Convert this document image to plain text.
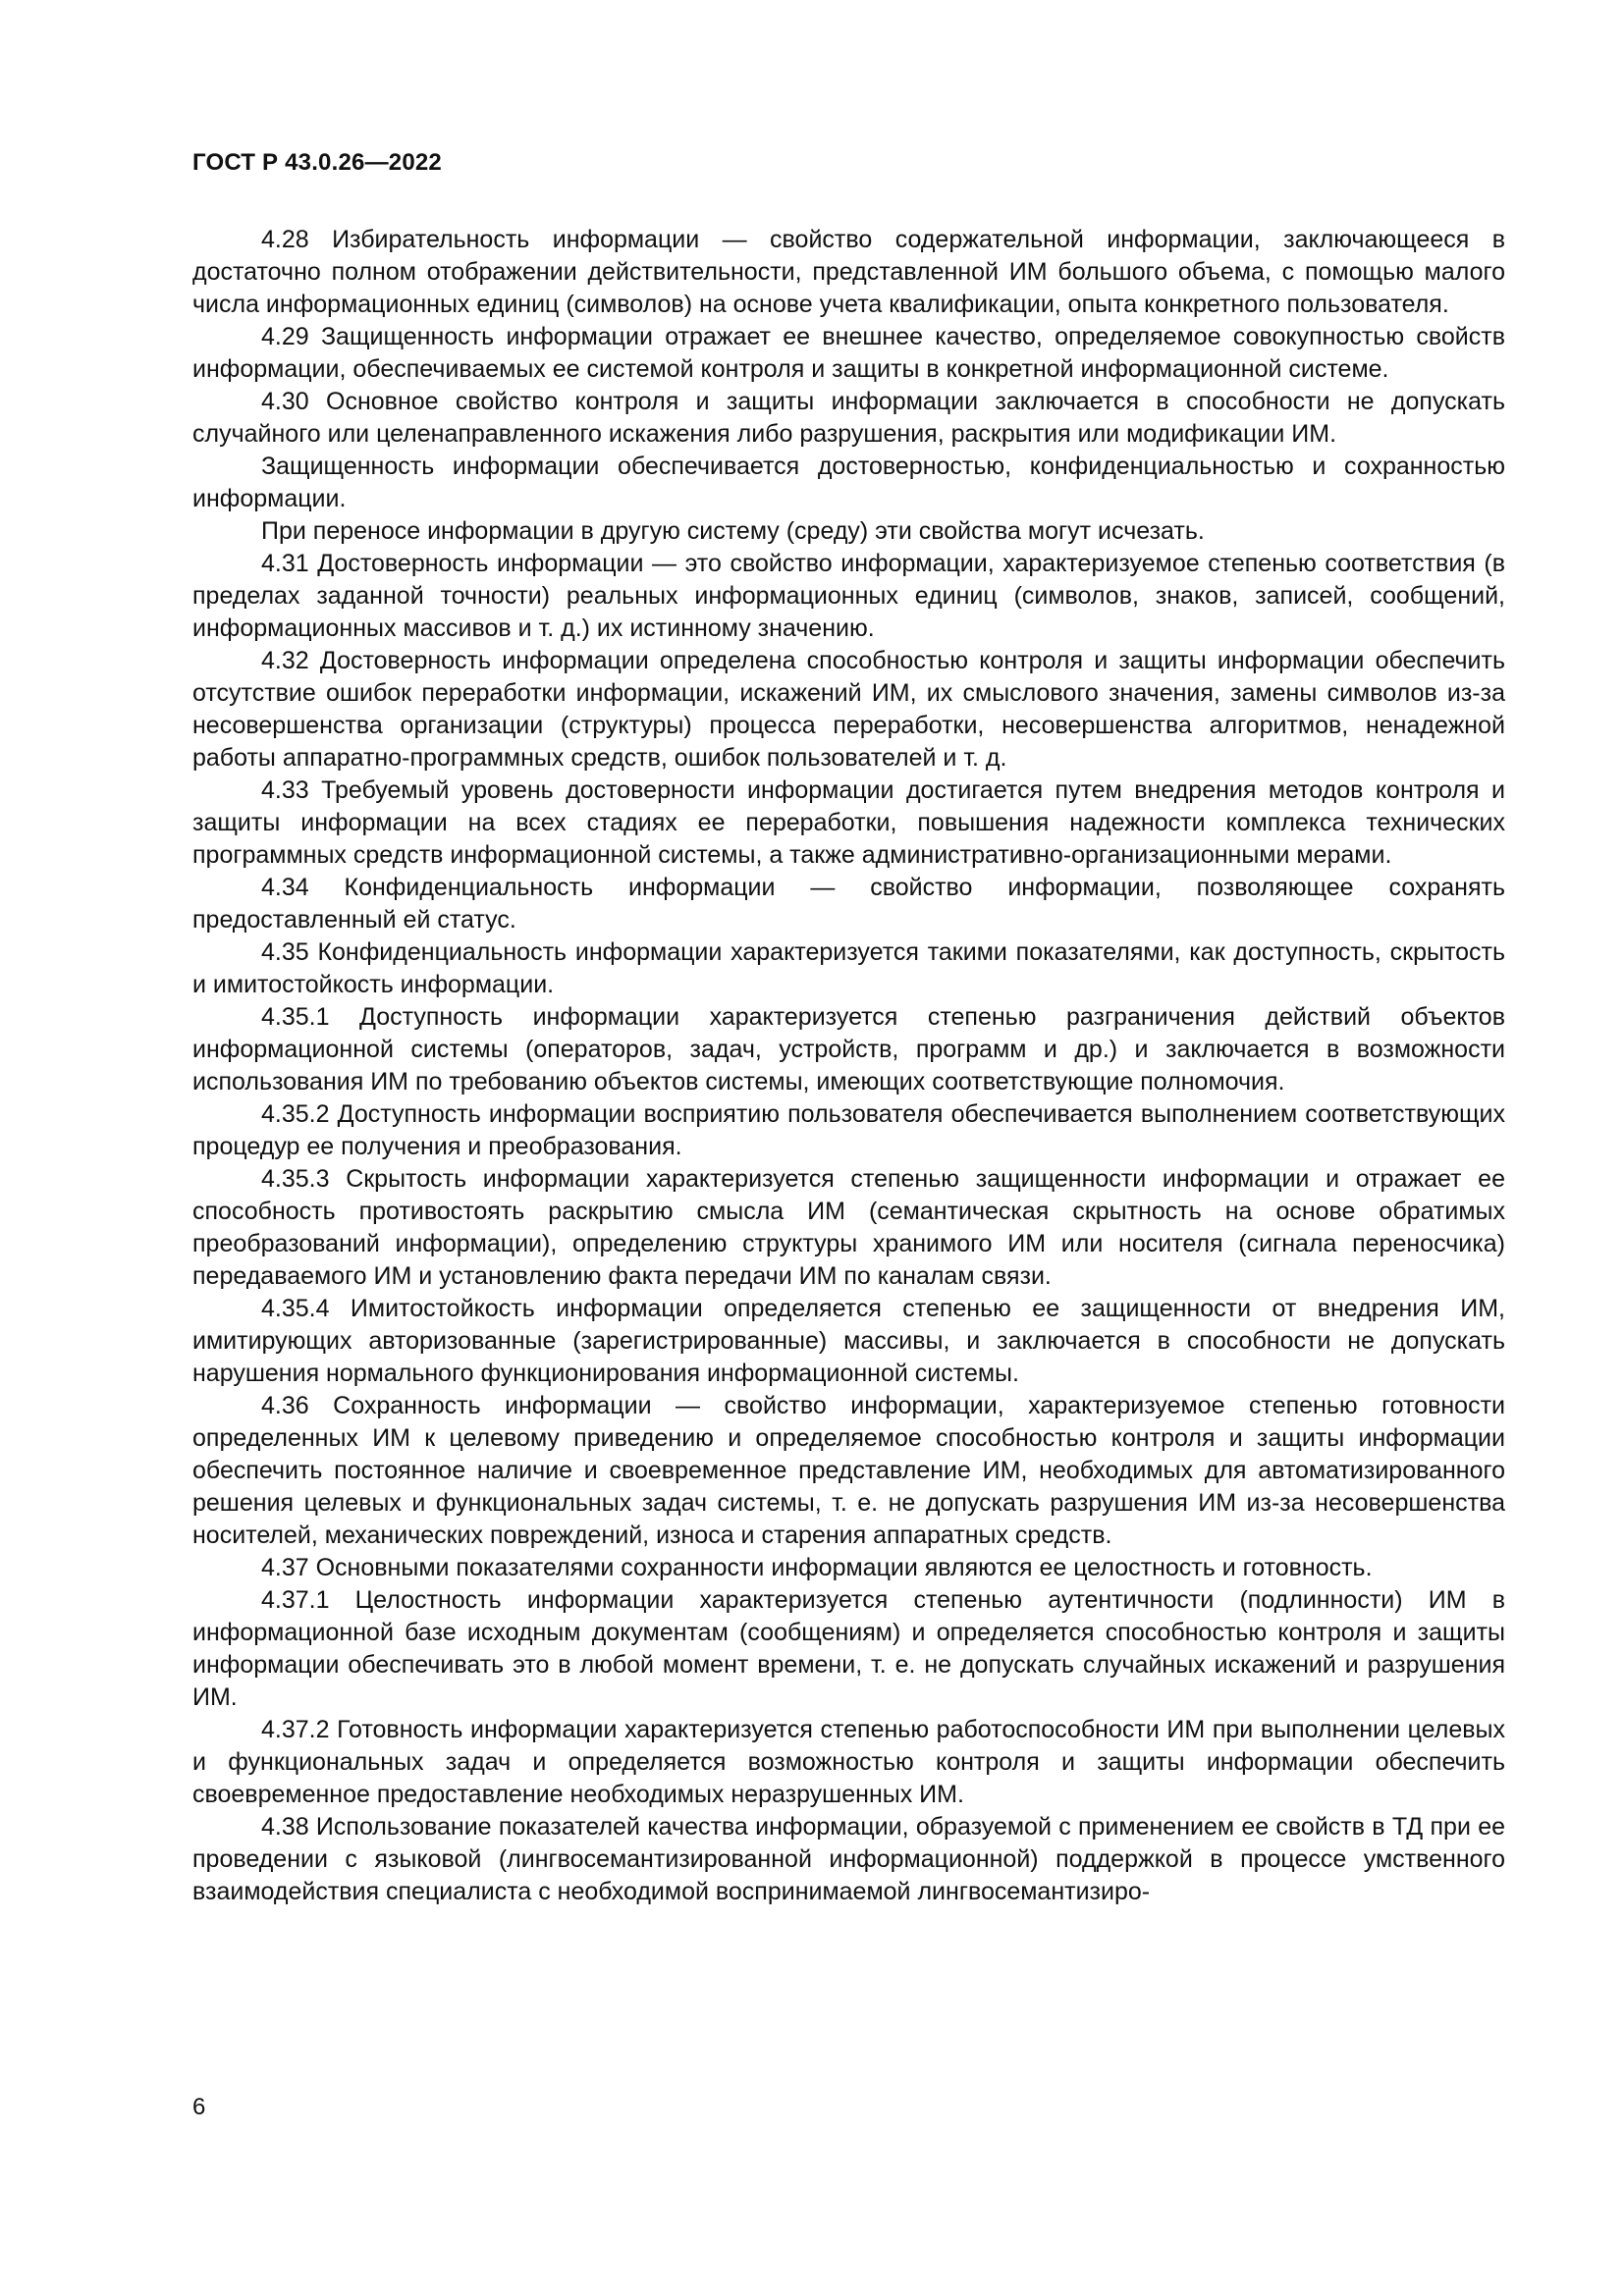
ГОСТ Р 43.0.26—2022

4.28 Избирательность информации — свойство содержательной информации, заключающееся в достаточно полном отображении действительности, представленной ИМ большого объема, с помощью малого числа информационных единиц (символов) на основе учета квалификации, опыта конкретного пользователя.

4.29 Защищенность информации отражает ее внешнее качество, определяемое совокупностью свойств информации, обеспечиваемых ее системой контроля и защиты в конкретной информационной системе.

4.30 Основное свойство контроля и защиты информации заключается в способности не допускать случайного или целенаправленного искажения либо разрушения, раскрытия или модификации ИМ.

Защищенность информации обеспечивается достоверностью, конфиденциальностью и сохранностью информации.

При переносе информации в другую систему (среду) эти свойства могут исчезать.

4.31 Достоверность информации — это свойство информации, характеризуемое степенью соответствия (в пределах заданной точности) реальных информационных единиц (символов, знаков, записей, сообщений, информационных массивов и т. д.) их истинному значению.

4.32 Достоверность информации определена способностью контроля и защиты информации обеспечить отсутствие ошибок переработки информации, искажений ИМ, их смыслового значения, замены символов из-за несовершенства организации (структуры) процесса переработки, несовершенства алгоритмов, ненадежной работы аппаратно-программных средств, ошибок пользователей и т. д.

4.33 Требуемый уровень достоверности информации достигается путем внедрения методов контроля и защиты информации на всех стадиях ее переработки, повышения надежности комплекса технических программных средств информационной системы, а также административно-организационными мерами.

4.34 Конфиденциальность информации — свойство информации, позволяющее сохранять предоставленный ей статус.

4.35 Конфиденциальность информации характеризуется такими показателями, как доступность, скрытость и имитостойкость информации.

4.35.1 Доступность информации характеризуется степенью разграничения действий объектов информационной системы (операторов, задач, устройств, программ и др.) и заключается в возможности использования ИМ по требованию объектов системы, имеющих соответствующие полномочия.

4.35.2 Доступность информации восприятию пользователя обеспечивается выполнением соответствующих процедур ее получения и преобразования.

4.35.3 Скрытость информации характеризуется степенью защищенности информации и отражает ее способность противостоять раскрытию смысла ИМ (семантическая скрытность на основе обратимых преобразований информации), определению структуры хранимого ИМ или носителя (сигнала переносчика) передаваемого ИМ и установлению факта передачи ИМ по каналам связи.

4.35.4 Имитостойкость информации определяется степенью ее защищенности от внедрения ИМ, имитирующих авторизованные (зарегистрированные) массивы, и заключается в способности не допускать нарушения нормального функционирования информационной системы.

4.36 Сохранность информации — свойство информации, характеризуемое степенью готовности определенных ИМ к целевому приведению и определяемое способностью контроля и защиты информации обеспечить постоянное наличие и своевременное представление ИМ, необходимых для автоматизированного решения целевых и функциональных задач системы, т. е. не допускать разрушения ИМ из-за несовершенства носителей, механических повреждений, износа и старения аппаратных средств.

4.37 Основными показателями сохранности информации являются ее целостность и готовность.

4.37.1 Целостность информации характеризуется степенью аутентичности (подлинности) ИМ в информационной базе исходным документам (сообщениям) и определяется способностью контроля и защиты информации обеспечивать это в любой момент времени, т. е. не допускать случайных искажений и разрушения ИМ.

4.37.2 Готовность информации характеризуется степенью работоспособности ИМ при выполнении целевых и функциональных задач и определяется возможностью контроля и защиты информации обеспечить своевременное предоставление необходимых неразрушенных ИМ.

4.38 Использование показателей качества информации, образуемой с применением ее свойств в ТД при ее проведении с языковой (лингвосемантизированной информационной) поддержкой в процессе умственного взаимодействия специалиста с необходимой воспринимаемой лингвосемантизиро-

6
